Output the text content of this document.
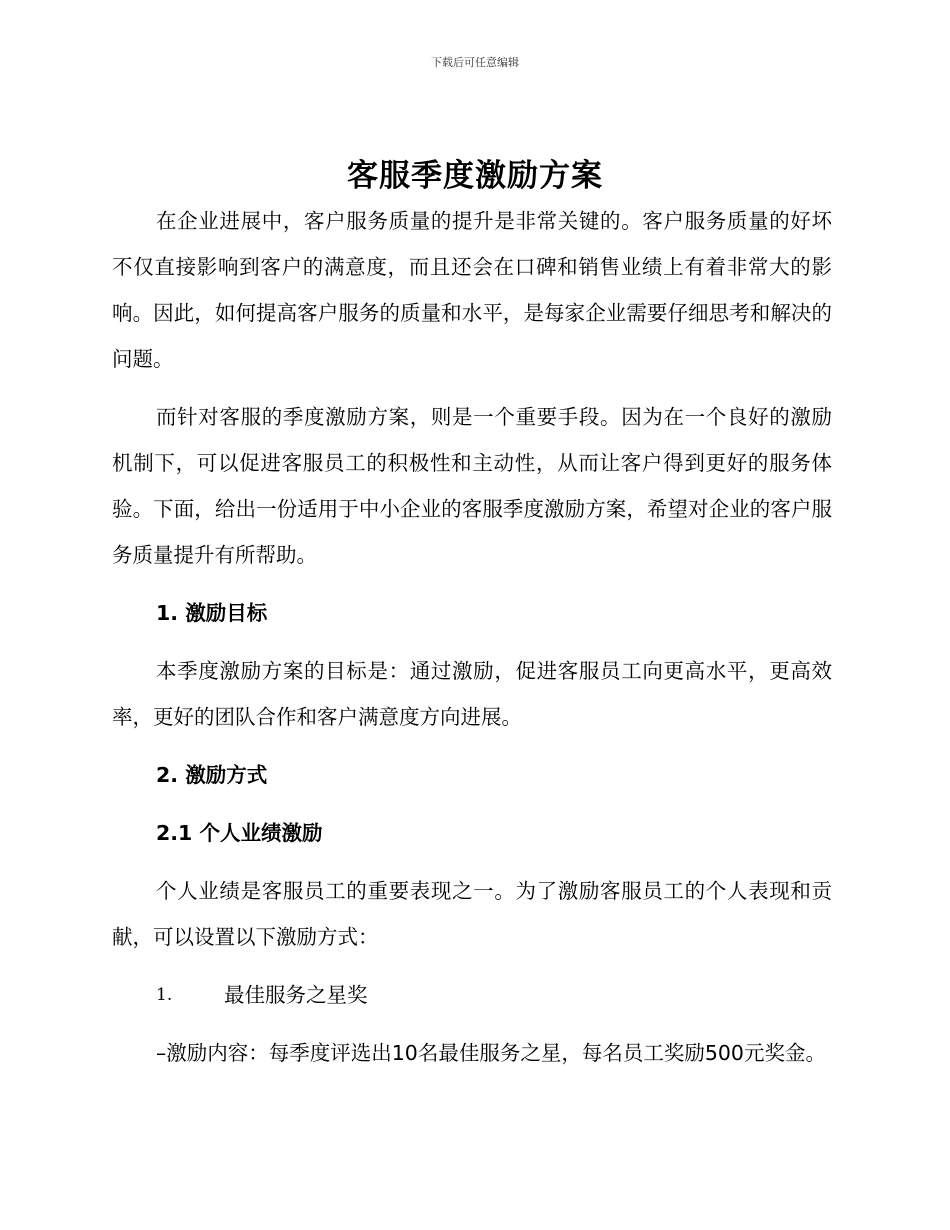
下载后可任意编辑
客服季度激励方案

在企业进展中，客户服务质量的提升是非常关键的。客户服务质量的好坏不仅直接影响到客户的满意度，而且还会在口碑和销售业绩上有着非常大的影响。因此，如何提高客户服务的质量和水平，是每家企业需要仔细思考和解决的问题。

而针对客服的季度激励方案，则是一个重要手段。因为在一个良好的激励机制下，可以促进客服员工的积极性和主动性，从而让客户得到更好的服务体验。下面，给出一份适用于中小企业的客服季度激励方案，希望对企业的客户服务质量提升有所帮助。

1. 激励目标

本季度激励方案的目标是：通过激励，促进客服员工向更高水平，更高效率，更好的团队合作和客户满意度方向进展。

2. 激励方式
2.1 个人业绩激励

个人业绩是客服员工的重要表现之一。为了激励客服员工的个人表现和贡献，可以设置以下激励方式：

1.	最佳服务之星奖

–激励内容：每季度评选出10名最佳服务之星，每名员工奖励500元奖金。
